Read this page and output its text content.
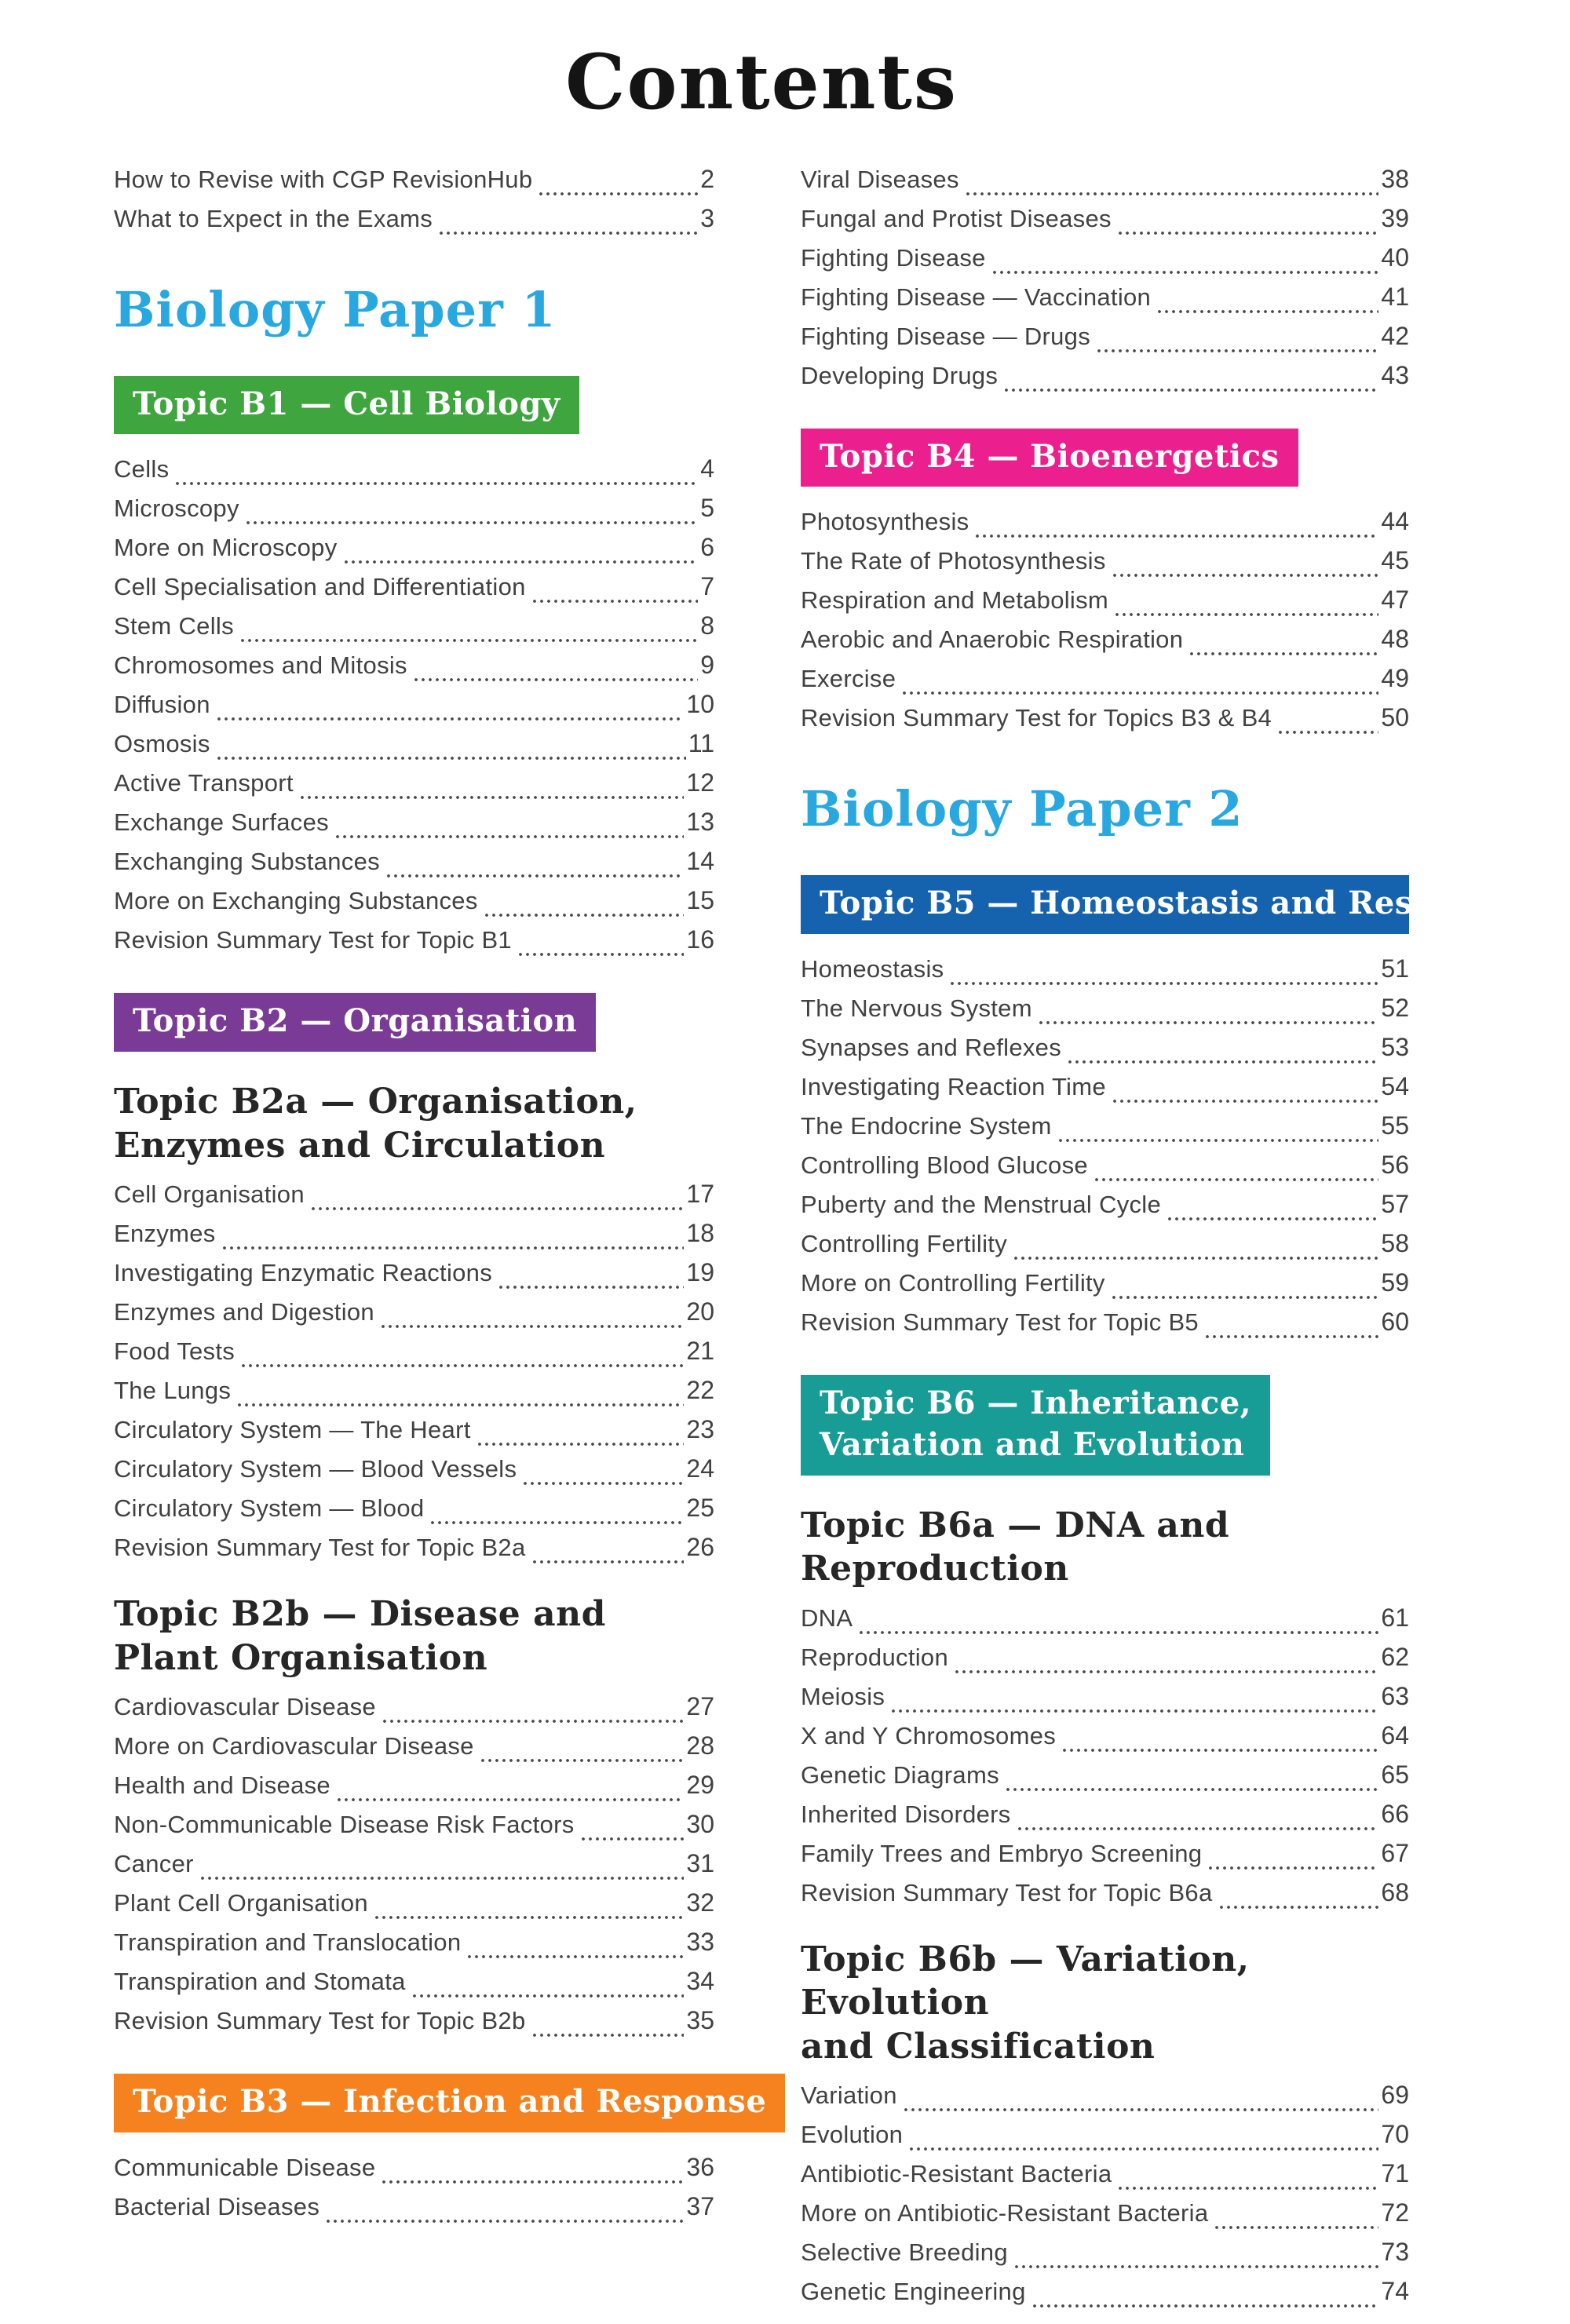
Contents
How to Revise with CGP RevisionHub	2
What to Expect in the Exams	3
Biology Paper 1
Topic B1 — Cell Biology
Cells	4
Microscopy	5
More on Microscopy	6
Cell Specialisation and Differentiation	7
Stem Cells	8
Chromosomes and Mitosis	9
Diffusion	10
Osmosis	11
Active Transport	12
Exchange Surfaces	13
Exchanging Substances	14
More on Exchanging Substances	15
Revision Summary Test for Topic B1	16
Topic B2 — Organisation
Topic B2a — Organisation,
Enzymes and Circulation
Cell Organisation	17
Enzymes	18
Investigating Enzymatic Reactions	19
Enzymes and Digestion	20
Food Tests	21
The Lungs	22
Circulatory System — The Heart	23
Circulatory System — Blood Vessels	24
Circulatory System — Blood	25
Revision Summary Test for Topic B2a	26
Topic B2b — Disease and
Plant Organisation
Cardiovascular Disease	27
More on Cardiovascular Disease	28
Health and Disease	29
Non-Communicable Disease Risk Factors	30
Cancer	31
Plant Cell Organisation	32
Transpiration and Translocation	33
Transpiration and Stomata	34
Revision Summary Test for Topic B2b	35
Topic B3 — Infection and Response
Communicable Disease	36
Bacterial Diseases	37
Viral Diseases	38
Fungal and Protist Diseases	39
Fighting Disease	40
Fighting Disease — Vaccination	41
Fighting Disease — Drugs	42
Developing Drugs	43
Topic B4 — Bioenergetics
Photosynthesis	44
The Rate of Photosynthesis	45
Respiration and Metabolism	47
Aerobic and Anaerobic Respiration	48
Exercise	49
Revision Summary Test for Topics B3 & B4	50
Biology Paper 2
Topic B5 — Homeostasis and Response
Homeostasis	51
The Nervous System	52
Synapses and Reflexes	53
Investigating Reaction Time	54
The Endocrine System	55
Controlling Blood Glucose	56
Puberty and the Menstrual Cycle	57
Controlling Fertility	58
More on Controlling Fertility	59
Revision Summary Test for Topic B5	60
Topic B6 — Inheritance,
Variation and Evolution
Topic B6a — DNA and Reproduction
DNA	61
Reproduction	62
Meiosis	63
X and Y Chromosomes	64
Genetic Diagrams	65
Inherited Disorders	66
Family Trees and Embryo Screening	67
Revision Summary Test for Topic B6a	68
Topic B6b — Variation, Evolution
and Classification
Variation	69
Evolution	70
Antibiotic-Resistant Bacteria	71
More on Antibiotic-Resistant Bacteria	72
Selective Breeding	73
Genetic Engineering	74
